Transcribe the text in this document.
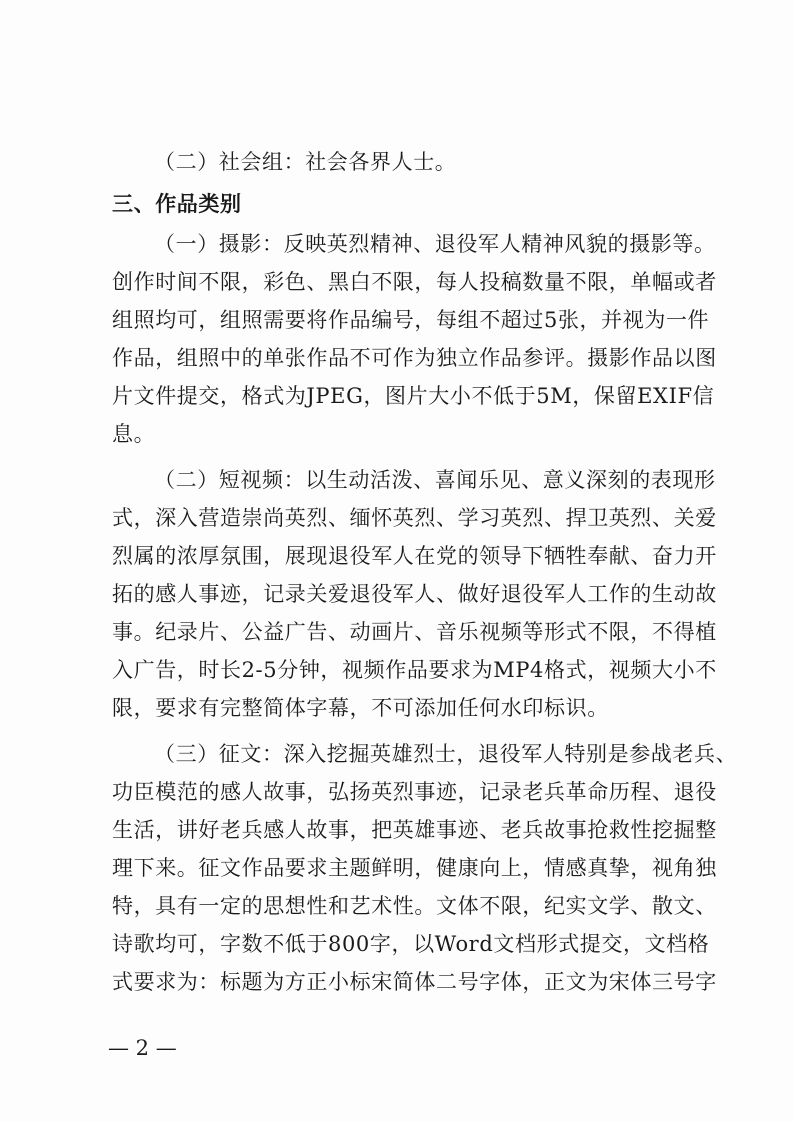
（二）社会组：社会各界人士。
三、作品类别
（一）摄影：反映英烈精神、退役军人精神风貌的摄影等。
创作时间不限，彩色、黑白不限，每人投稿数量不限，单幅或者
组照均可，组照需要将作品编号，每组不超过5张，并视为一件
作品，组照中的单张作品不可作为独立作品参评。摄影作品以图
片文件提交，格式为JPEG，图片大小不低于5M，保留EXIF信
息。
（二）短视频：以生动活泼、喜闻乐见、意义深刻的表现形
式，深入营造崇尚英烈、缅怀英烈、学习英烈、捍卫英烈、关爱
烈属的浓厚氛围，展现退役军人在党的领导下牺牲奉献、奋力开
拓的感人事迹，记录关爱退役军人、做好退役军人工作的生动故
事。纪录片、公益广告、动画片、音乐视频等形式不限，不得植
入广告，时长2-5分钟，视频作品要求为MP4格式，视频大小不
限，要求有完整简体字幕，不可添加任何水印标识。
（三）征文：深入挖掘英雄烈士，退役军人特别是参战老兵、
功臣模范的感人故事，弘扬英烈事迹，记录老兵革命历程、退役
生活，讲好老兵感人故事，把英雄事迹、老兵故事抢救性挖掘整
理下来。征文作品要求主题鲜明，健康向上，情感真挚，视角独
特，具有一定的思想性和艺术性。文体不限，纪实文学、散文、
诗歌均可，字数不低于800字，以Word文档形式提交，文档格
式要求为：标题为方正小标宋简体二号字体，正文为宋体三号字
— 2 —
